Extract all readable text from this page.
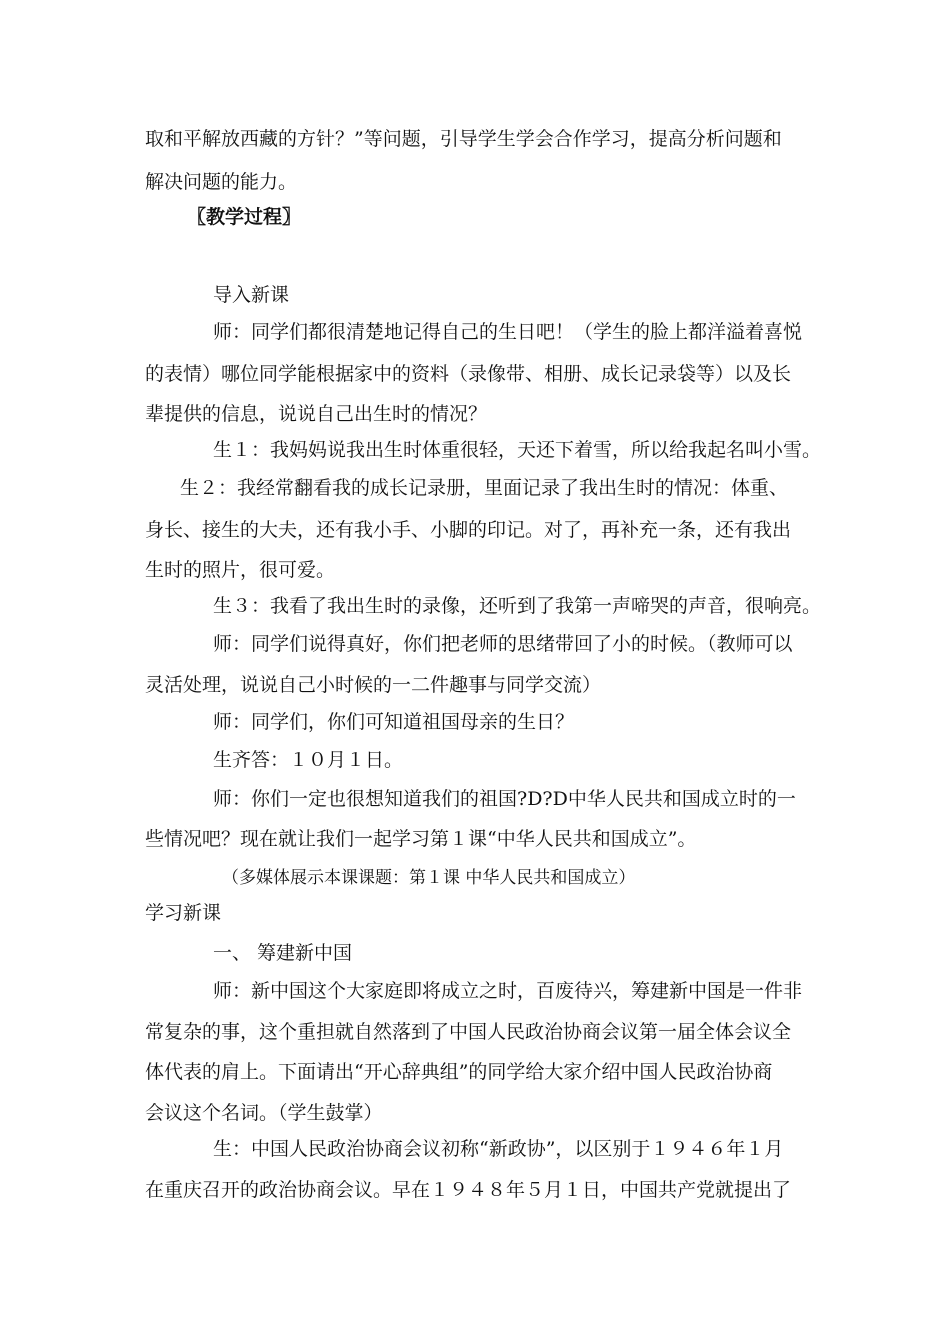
取和平解放西藏的方针？”等问题，引导学生学会合作学习，提高分析问题和
解决问题的能力。
〖教学过程〗
导入新课
师：同学们都很清楚地记得自己的生日吧！（学生的脸上都洋溢着喜悦
的表情）哪位同学能根据家中的资料（录像带、相册、成长记录袋等）以及长
辈提供的信息，说说自己出生时的情况？
生１：我妈妈说我出生时体重很轻，天还下着雪，所以给我起名叫小雪。
生２：我经常翻看我的成长记录册，里面记录了我出生时的情况：体重、
身长、接生的大夫，还有我小手、小脚的印记。对了，再补充一条，还有我出
生时的照片，很可爱。
生３：我看了我出生时的录像，还听到了我第一声啼哭的声音，很响亮。
师：同学们说得真好，你们把老师的思绪带回了小的时候。（教师可以
灵活处理，说说自己小时候的一二件趣事与同学交流）
师：同学们，你们可知道祖国母亲的生日？
生齐答：１０月１日。
师：你们一定也很想知道我们的祖国?D?D中华人民共和国成立时的一
些情况吧？现在就让我们一起学习第１课“中华人民共和国成立”。
（多媒体展示本课课题：第１课 中华人民共和国成立）
学习新课
一、 筹建新中国
师：新中国这个大家庭即将成立之时，百废待兴，筹建新中国是一件非
常复杂的事，这个重担就自然落到了中国人民政治协商会议第一届全体会议全
体代表的肩上。下面请出“开心辞典组”的同学给大家介绍中国人民政治协商
会议这个名词。（学生鼓掌）
生：中国人民政治协商会议初称“新政协”，以区别于１９４６年１月
在重庆召开的政治协商会议。早在１９４８年５月１日，中国共产党就提出了
